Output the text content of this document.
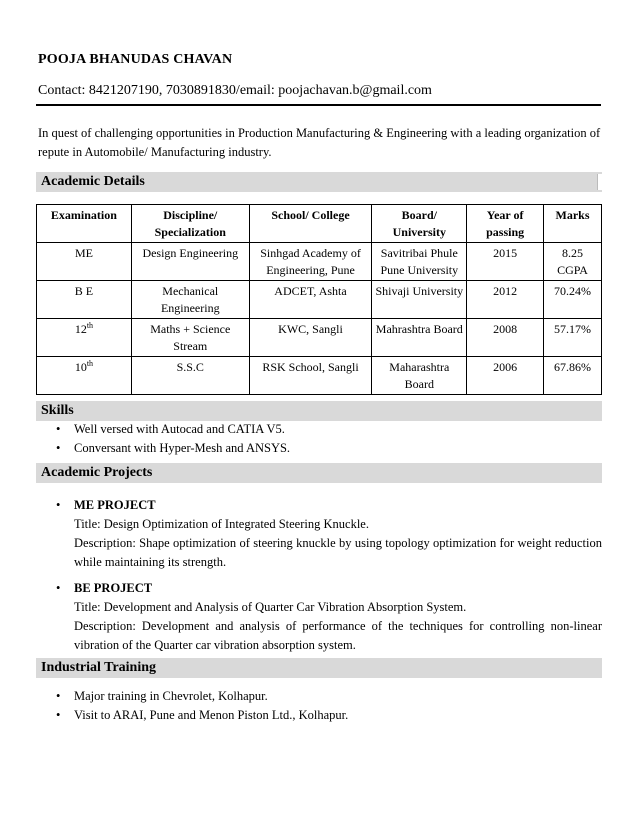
POOJA BHANUDAS CHAVAN
Contact: 8421207190, 7030891830/email: poojachavan.b@gmail.com
In quest of challenging opportunities in Production Manufacturing & Engineering with a leading organization of repute in Automobile/ Manufacturing industry.
Academic Details
Examination	Discipline/ Specialization	School/ College	Board/ University	Year of passing	Marks
ME	Design Engineering	Sinhgad Academy of Engineering, Pune	Savitribai Phule Pune University	2015	8.25 CGPA
B E	Mechanical Engineering	ADCET, Ashta	Shivaji University	2012	70.24%
12th	Maths + Science Stream	KWC, Sangli	Mahrashtra Board	2008	57.17%
10th	S.S.C	RSK School, Sangli	Maharashtra Board	2006	67.86%
Skills
• Well versed with Autocad and CATIA V5.
• Conversant with Hyper-Mesh and ANSYS.
Academic Projects
•	ME PROJECT
Title: Design Optimization of Integrated Steering Knuckle.
Description: Shape optimization of steering knuckle by using topology optimization for weight reduction while maintaining its strength.
•	BE PROJECT
Title: Development and Analysis of Quarter Car Vibration Absorption System.
Description: Development and analysis of performance of the techniques for controlling non-linear vibration of the Quarter car vibration absorption system.
Industrial Training
• Major training in Chevrolet, Kolhapur.
• Visit to ARAI, Pune and Menon Piston Ltd., Kolhapur.
